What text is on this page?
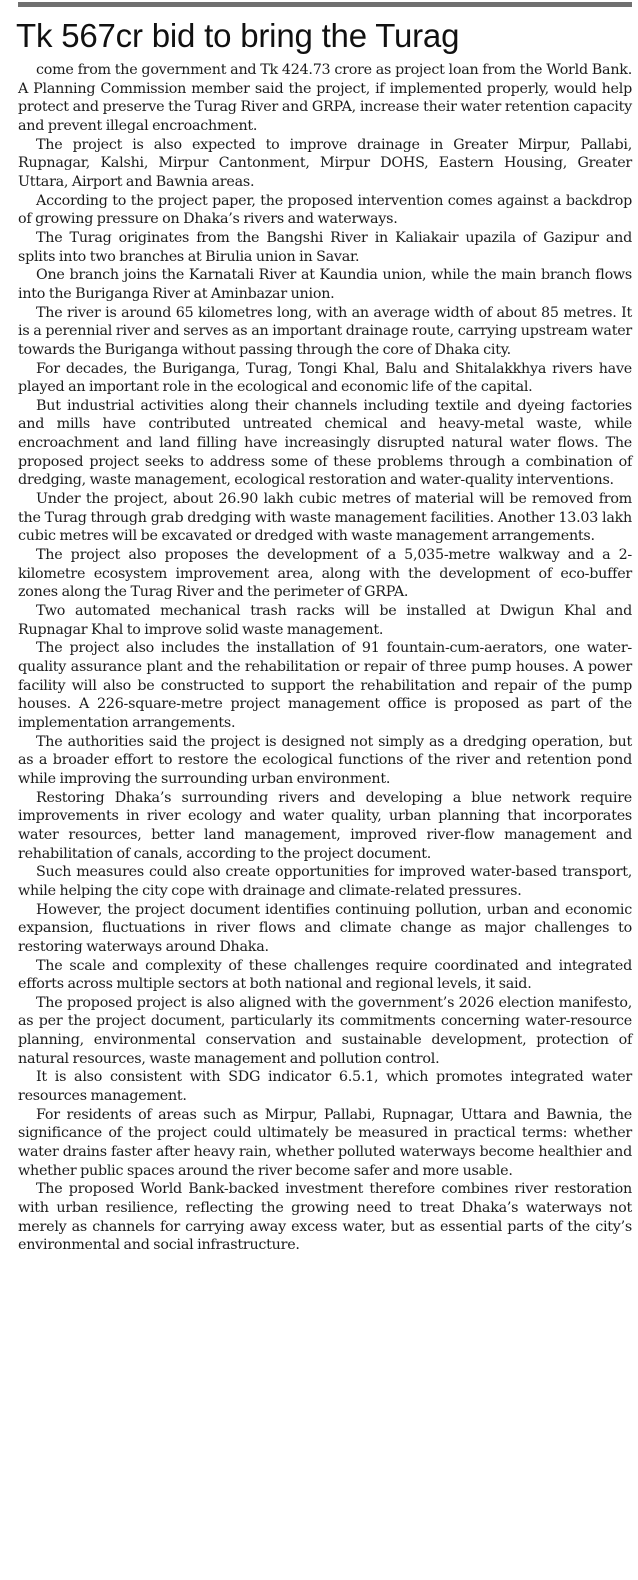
Tk 567cr bid to bring the Turag

come from the government and Tk 424.73 crore as project loan from the World Bank. A Planning Commission member said the project, if implemented properly, would help protect and preserve the Turag River and GRPA, increase their water retention capacity and prevent illegal encroachment.

The project is also expected to improve drainage in Greater Mirpur, Pallabi, Rupnagar, Kalshi, Mirpur Cantonment, Mirpur DOHS, Eastern Housing, Greater Uttara, Airport and Bawnia areas.

According to the project paper, the proposed intervention comes against a backdrop of growing pressure on Dhaka’s rivers and waterways.

The Turag originates from the Bangshi River in Kaliakair upazila of Gazipur and splits into two branches at Birulia union in Savar.

One branch joins the Karnatali River at Kaundia union, while the main branch flows into the Buriganga River at Aminbazar union.

The river is around 65 kilometres long, with an average width of about 85 metres. It is a perennial river and serves as an important drainage route, carrying upstream water towards the Buriganga without passing through the core of Dhaka city.

For decades, the Buriganga, Turag, Tongi Khal, Balu and Shitalakkhya rivers have played an important role in the ecological and economic life of the capital.

But industrial activities along their channels including textile and dyeing factories and mills have contributed untreated chemical and heavy-metal waste, while encroachment and land filling have increasingly disrupted natural water flows. The proposed project seeks to address some of these problems through a combination of dredging, waste management, ecological restoration and water-quality interventions.

Under the project, about 26.90 lakh cubic metres of material will be removed from the Turag through grab dredging with waste management facilities. Another 13.03 lakh cubic metres will be excavated or dredged with waste management arrangements.

The project also proposes the development of a 5,035-metre walkway and a 2-kilometre ecosystem improvement area, along with the development of eco-buffer zones along the Turag River and the perimeter of GRPA.

Two automated mechanical trash racks will be installed at Dwigun Khal and Rupnagar Khal to improve solid waste management.

The project also includes the installation of 91 fountain-cum-aerators, one water-quality assurance plant and the rehabilitation or repair of three pump houses. A power facility will also be constructed to support the rehabilitation and repair of the pump houses. A 226-square-metre project management office is proposed as part of the implementation arrangements.

The authorities said the project is designed not simply as a dredging operation, but as a broader effort to restore the ecological functions of the river and retention pond while improving the surrounding urban environment.

Restoring Dhaka’s surrounding rivers and developing a blue network require improvements in river ecology and water quality, urban planning that incorporates water resources, better land management, improved river-flow management and rehabilitation of canals, according to the project document.

Such measures could also create opportunities for improved water-based transport, while helping the city cope with drainage and climate-related pressures.

However, the project document identifies continuing pollution, urban and economic expansion, fluctuations in river flows and climate change as major challenges to restoring waterways around Dhaka.

The scale and complexity of these challenges require coordinated and integrated efforts across multiple sectors at both national and regional levels, it said.

The proposed project is also aligned with the government’s 2026 election manifesto, as per the project document, particularly its commitments concerning water-resource planning, environmental conservation and sustainable development, protection of natural resources, waste management and pollution control.

It is also consistent with SDG indicator 6.5.1, which promotes integrated water resources management.

For residents of areas such as Mirpur, Pallabi, Rupnagar, Uttara and Bawnia, the significance of the project could ultimately be measured in practical terms: whether water drains faster after heavy rain, whether polluted waterways become healthier and whether public spaces around the river become safer and more usable.

The proposed World Bank-backed investment therefore combines river restoration with urban resilience, reflecting the growing need to treat Dhaka’s waterways not merely as channels for carrying away excess water, but as essential parts of the city’s environmental and social infrastructure.
